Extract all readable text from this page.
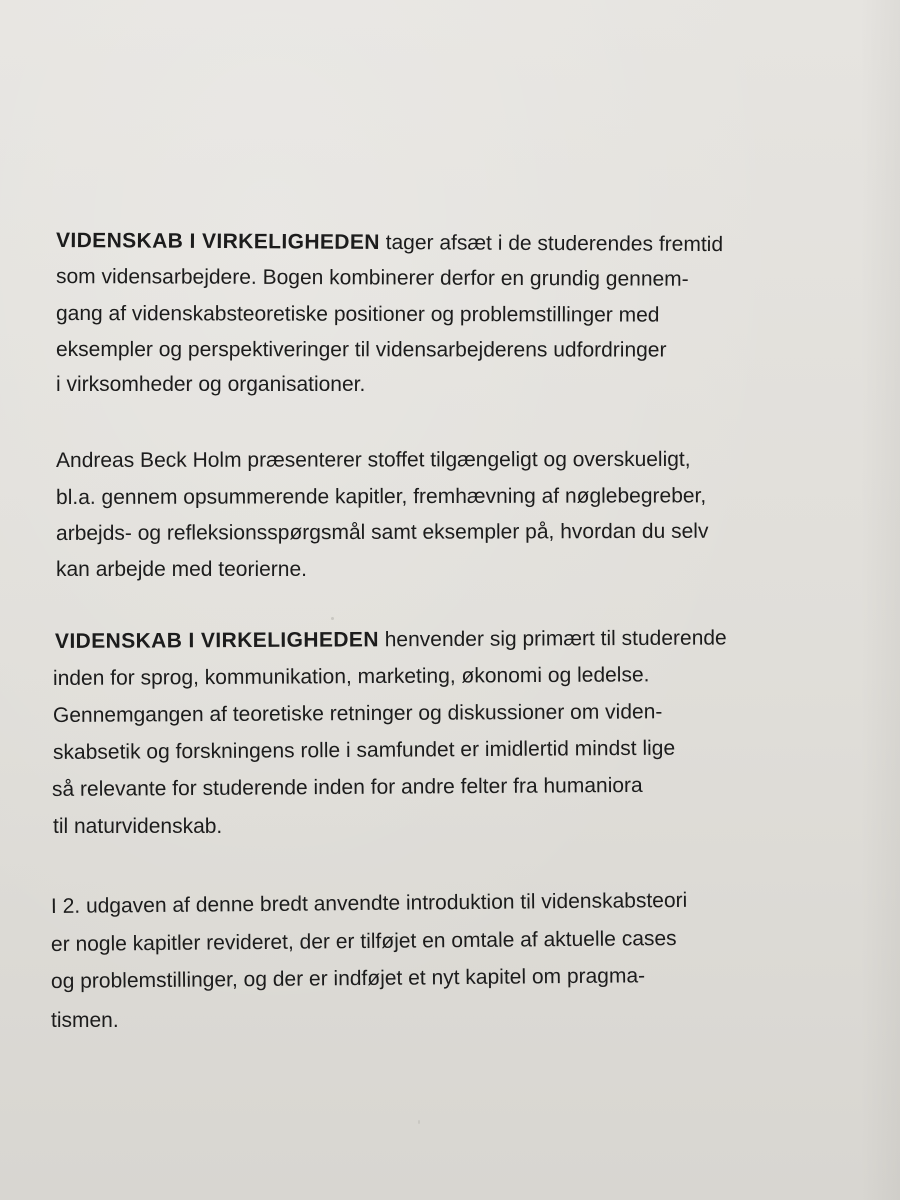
VIDENSKAB I VIRKELIGHEDEN tager afsæt i de studerendes fremtid
som vidensarbejdere. Bogen kombinerer derfor en grundig gennem-
gang af videnskabsteoretiske positioner og problemstillinger med
eksempler og perspektiveringer til vidensarbejderens udfordringer
i virksomheder og organisationer.
Andreas Beck Holm præsenterer stoffet tilgængeligt og overskueligt,
bl.a. gennem opsummerende kapitler, fremhævning af nøglebegreber,
arbejds- og refleksionsspørgsmål samt eksempler på, hvordan du selv
kan arbejde med teorierne.
VIDENSKAB I VIRKELIGHEDEN henvender sig primært til studerende
inden for sprog, kommunikation, marketing, økonomi og ledelse.
Gennemgangen af teoretiske retninger og diskussioner om viden-
skabsetik og forskningens rolle i samfundet er imidlertid mindst lige
så relevante for studerende inden for andre felter fra humaniora
til naturvidenskab.
I 2. udgaven af denne bredt anvendte introduktion til videnskabsteori
er nogle kapitler revideret, der er tilføjet en omtale af aktuelle cases
og problemstillinger, og der er indføjet et nyt kapitel om pragma-
tismen.
